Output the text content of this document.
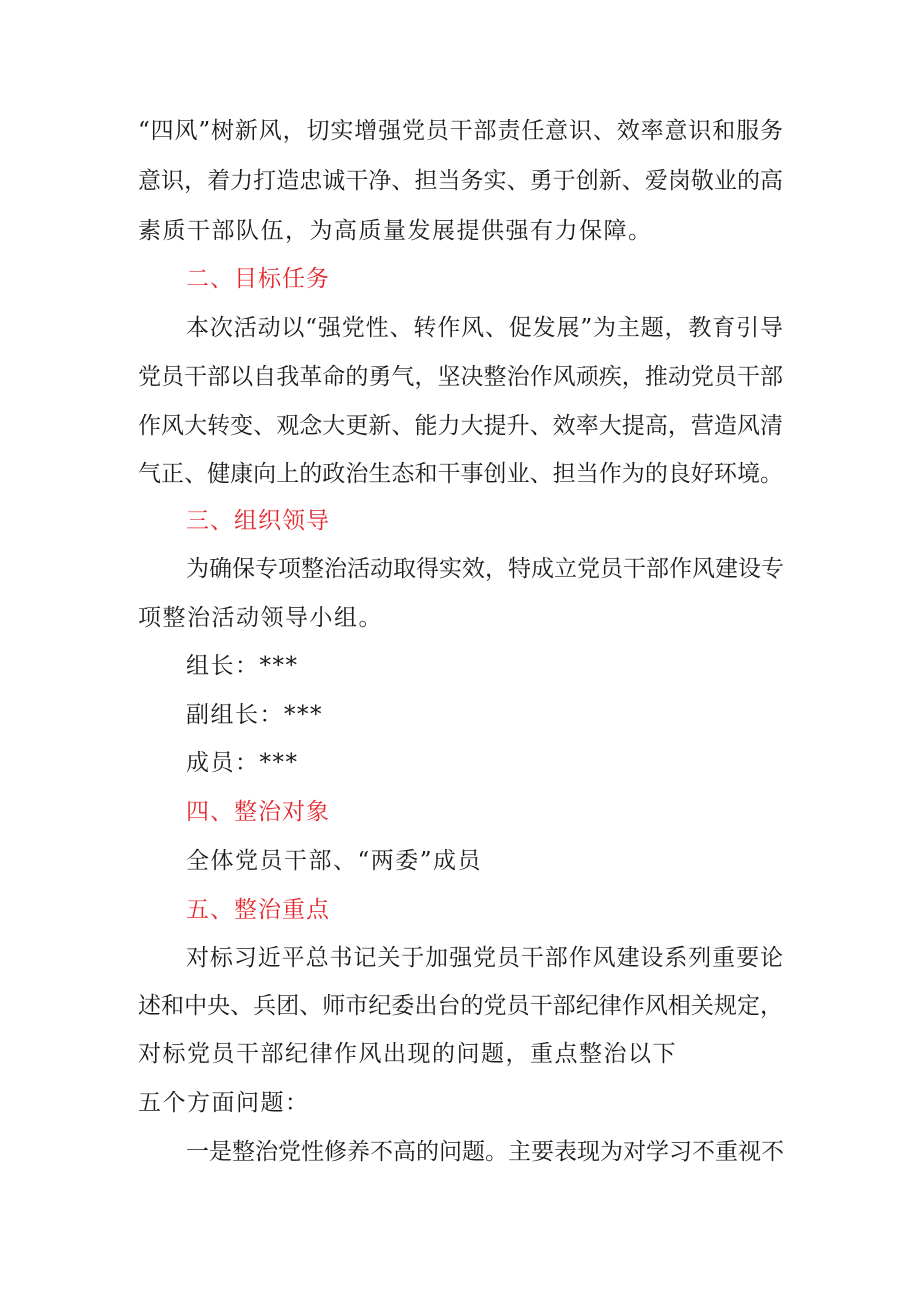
“四风”树新风，切实增强党员干部责任意识、效率意识和服务
意识，着力打造忠诚干净、担当务实、勇于创新、爱岗敬业的高
素质干部队伍，为高质量发展提供强有力保障。
二、目标任务
本次活动以“强党性、转作风、促发展”为主题，教育引导
党员干部以自我革命的勇气，坚决整治作风顽疾，推动党员干部
作风大转变、观念大更新、能力大提升、效率大提高，营造风清
气正、健康向上的政治生态和干事创业、担当作为的良好环境。
三、组织领导
为确保专项整治活动取得实效，特成立党员干部作风建设专
项整治活动领导小组。
组长：***
副组长：***
成员：***
四、整治对象
全体党员干部、“两委”成员
五、整治重点
对标习近平总书记关于加强党员干部作风建设系列重要论
述和中央、兵团、师市纪委出台的党员干部纪律作风相关规定，
对标党员干部纪律作风出现的问题，重点整治以下
五个方面问题：
一是整治党性修养不高的问题。主要表现为对学习不重视不
